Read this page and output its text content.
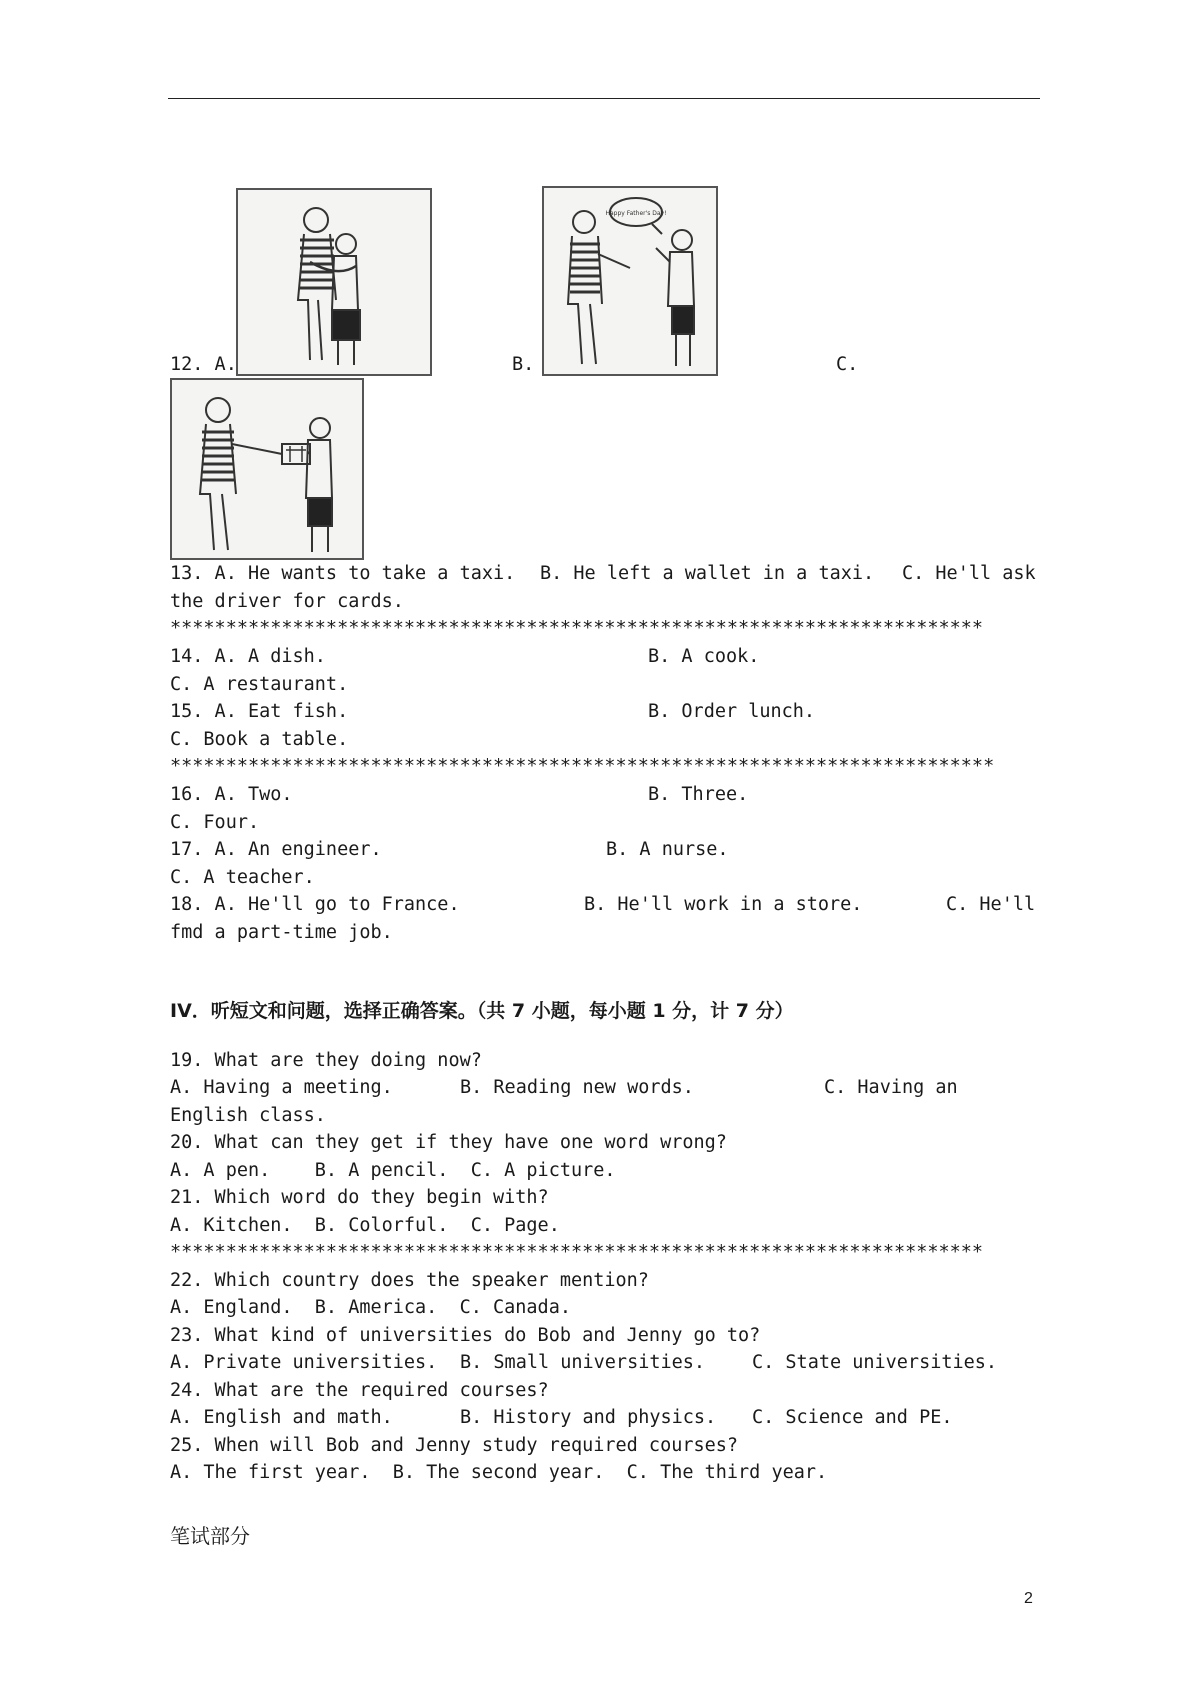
12. A.	B.
Happy Father's Day!
C.
13. A. He wants to take a taxi. B. He left a wallet in a taxi. C. He'll ask
the driver for cards.
*************************************************************************
14. A. A dish.	B. A cook.
C. A restaurant.
15. A. Eat fish.	B. Order lunch.
C. Book a table.
**************************************************************************
16. A. Two.	B. Three.
C. Four.
17. A. An engineer.	B. A nurse.
C. A teacher.
18. A. He'll go to France.	B. He'll work in a store.	C. He'll
fmd a part-time job.
IV．听短文和问题，选择正确答案。（共 7 小题，每小题 1 分，计 7 分）
19. What are they doing now?
A. Having a meeting.	B. Reading new words.	C. Having an
English class.
20. What can they get if they have one word wrong?
A. A pen.    B. A pencil.  C. A picture.
21. Which word do they begin with?
A. Kitchen.  B. Colorful.  C. Page.
*************************************************************************
22. Which country does the speaker mention?
A. England.  B. America.  C. Canada.
23. What kind of universities do Bob and Jenny go to?
A. Private universities. B. Small universities.	C. State universities.
24. What are the required courses?
A. English and math.	B. History and physics. C. Science and PE.
25. When will Bob and Jenny study required courses?
A. The first year.  B. The second year.  C. The third year.
笔试部分
2
